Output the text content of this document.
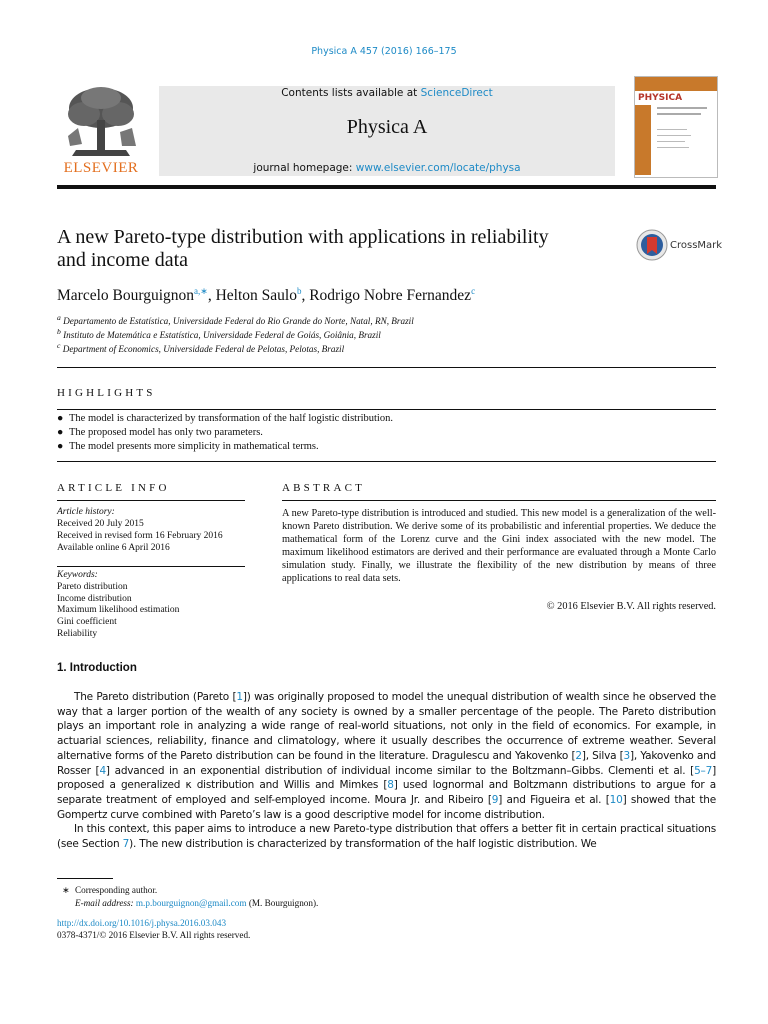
Physica A 457 (2016) 166–175
Contents lists available at ScienceDirect
Physica A
journal homepage: www.elsevier.com/locate/physa
ELSEVIER
PHYSICA
A new Pareto-type distribution with applications in reliability and income data
CrossMark
Marcelo Bourguignon$^{a,∗}$, Helton Saulo$^b$, Rodrigo Nobre Fernandez$^c$
$^a$ Departamento de Estatística, Universidade Federal do Rio Grande do Norte, Natal, RN, Brazil
$^b$ Instituto de Matemática e Estatística, Universidade Federal de Goiás, Goiânia, Brazil
$^c$ Department of Economics, Universidade Federal de Pelotas, Pelotas, Brazil
HIGHLIGHTS
● The model is characterized by transformation of the half logistic distribution.
● The proposed model has only two parameters.
● The model presents more simplicity in mathematical terms.
ARTICLE INFO
Article history:
Received 20 July 2015
Received in revised form 16 February 2016
Available online 6 April 2016
Keywords:
Pareto distribution
Income distribution
Maximum likelihood estimation
Gini coefficient
Reliability
ABSTRACT
A new Pareto-type distribution is introduced and studied. This new model is a generalization of the well-known Pareto distribution. We derive some of its probabilistic and inferential properties. We deduce the mathematical form of the Lorenz curve and the Gini index associated with the new model. The maximum likelihood estimators are derived and their performance are evaluated through a Monte Carlo simulation study. Finally, we illustrate the flexibility of the new distribution by means of three applications to real data sets.
© 2016 Elsevier B.V. All rights reserved.
1. Introduction

The Pareto distribution (Pareto [1]) was originally proposed to model the unequal distribution of wealth since he observed the way that a larger portion of the wealth of any society is owned by a smaller percentage of the people. The Pareto distribution plays an important role in analyzing a wide range of real-world situations, not only in the field of economics. For example, in actuarial sciences, reliability, finance and climatology, where it usually describes the occurrence of extreme weather. Several alternative forms of the Pareto distribution can be found in the literature. Dragulescu and Yakovenko [2], Silva [3], Yakovenko and Rosser [4] advanced in an exponential distribution of individual income similar to the Boltzmann–Gibbs. Clementi et al. [5–7] proposed a generalized κ distribution and Willis and Mimkes [8] used lognormal and Boltzmann distributions to argue for a separate treatment of employed and self-employed income. Moura Jr. and Ribeiro [9] and Figueira et al. [10] showed that the Gompertz curve combined with Pareto’s law is a good descriptive model for income distribution.

In this context, this paper aims to introduce a new Pareto-type distribution that offers a better fit in certain practical situations (see Section 7). The new distribution is characterized by transformation of the half logistic distribution. We

∗ Corresponding author.
E-mail address: m.p.bourguignon@gmail.com (M. Bourguignon).
http://dx.doi.org/10.1016/j.physa.2016.03.043
0378-4371/© 2016 Elsevier B.V. All rights reserved.
